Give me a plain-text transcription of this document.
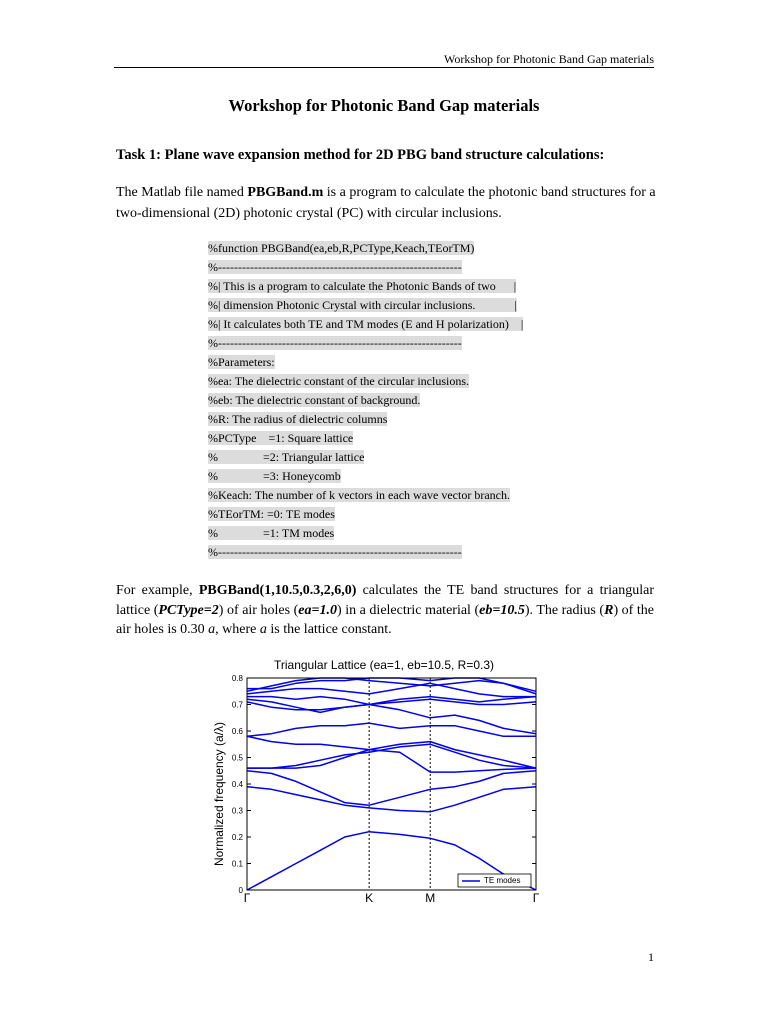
Workshop for Photonic Band Gap materials
Workshop for Photonic Band Gap materials
Task 1: Plane wave expansion method for 2D PBG band structure calculations:

The Matlab file named PBGBand.m is a program to calculate the photonic band structures for a two-dimensional (2D) photonic crystal (PC) with circular inclusions.

%function PBGBand(ea,eb,R,PCType,Keach,TEorTM)
%-------------------------------------------------------------
%| This is a program to calculate the Photonic Bands of two      |
%| dimension Photonic Crystal with circular inclusions.             |
%| It calculates both TE and TM modes (E and H polarization)    |
%-------------------------------------------------------------
%Parameters:
%ea: The dielectric constant of the circular inclusions.
%eb: The dielectric constant of background.
%R: The radius of dielectric columns
%PCType    =1: Square lattice
%               =2: Triangular lattice
%               =3: Honeycomb
%Keach: The number of k vectors in each wave vector branch.
%TEorTM: =0: TE modes
%               =1: TM modes
%-------------------------------------------------------------

For example, PBGBand(1,10.5,0.3,2,6,0) calculates the TE band structures for a triangular lattice (PCType=2) of air holes (ea=1.0) in a dielectric material (eb=10.5). The radius (R) of the air holes is 0.30 a, where a is the lattice constant.

Triangular Lattice (ea=1, eb=10.5, R=0.3)
Normalized frequency (a/λ)
0
0.1
0.2
0.3
0.4
0.5
0.6
0.7
0.8
Γ	K	M	Γ
TE modes
1
